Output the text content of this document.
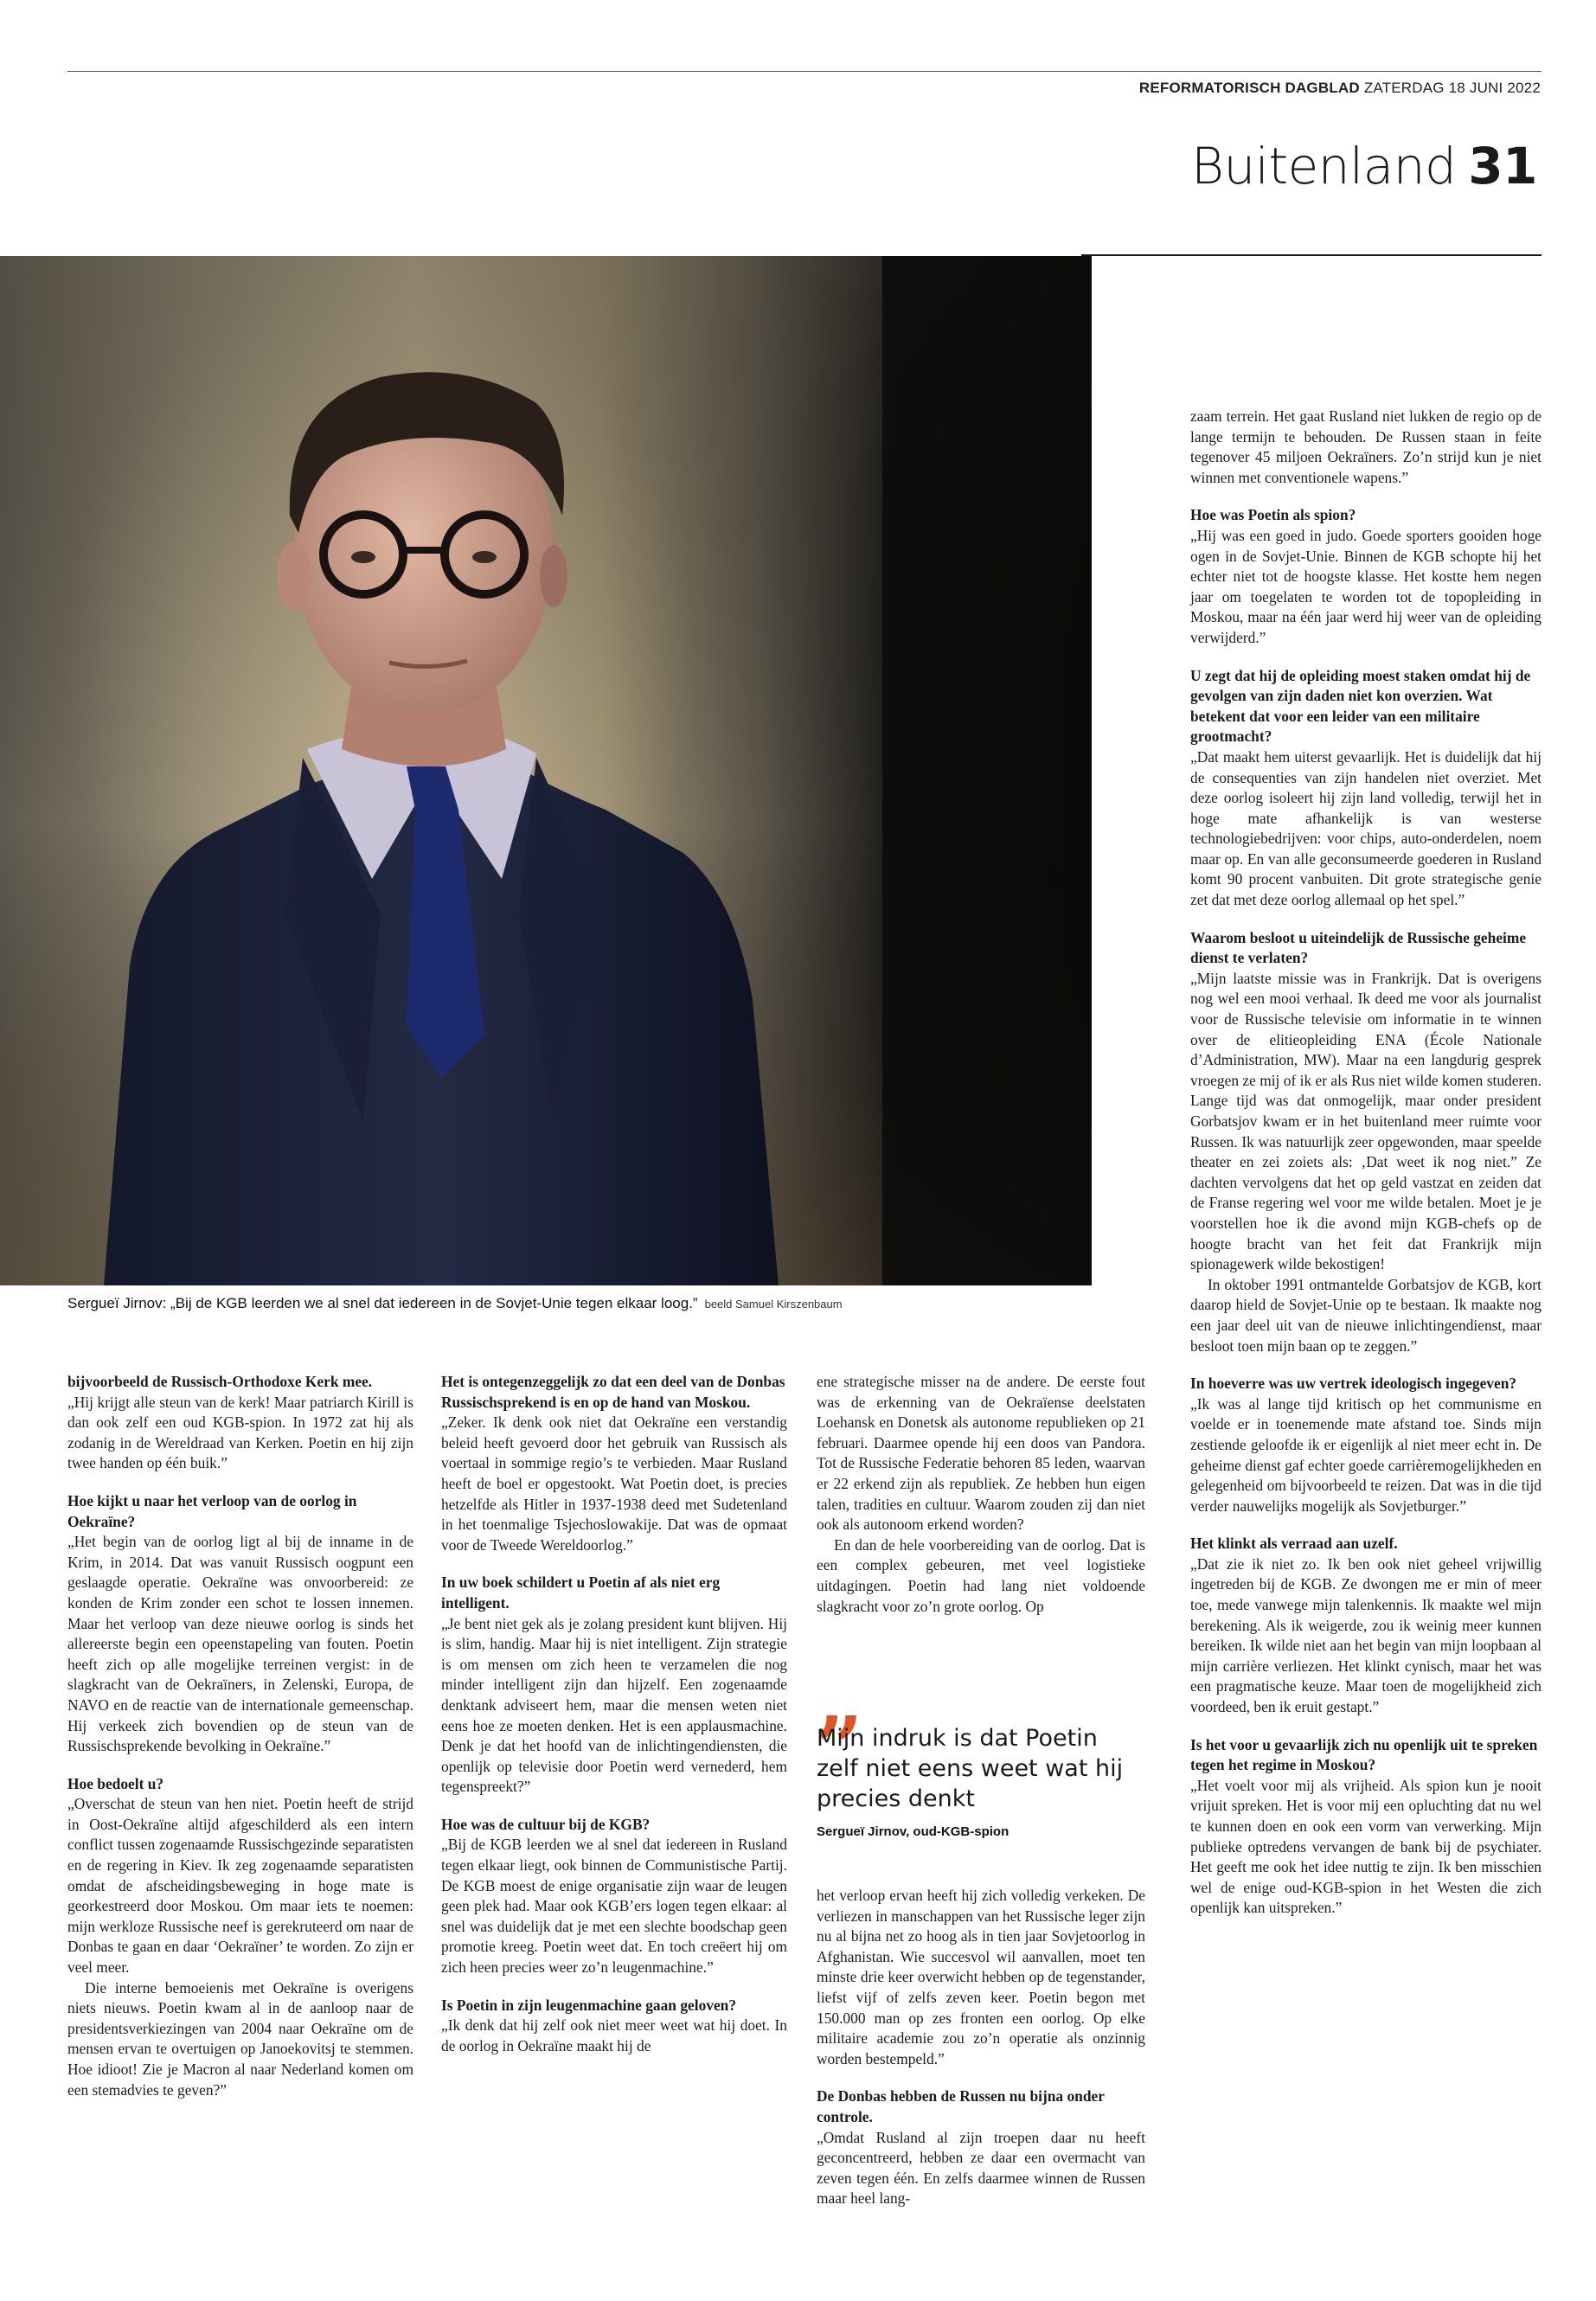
REFORMATORISCH DAGBLAD ZATERDAG 18 JUNI 2022
Buitenland 31
Sergueï Jirnov: „Bij de KGB leerden we al snel dat iedereen in de Sovjet-Unie tegen elkaar loog.” beeld Samuel Kirszenbaum
bijvoorbeeld de Russisch-Orthodoxe Kerk mee.

„Hij krijgt alle steun van de kerk! Maar patriarch Kirill is dan ook zelf een oud KGB-spion. In 1972 zat hij als zodanig in de Wereldraad van Kerken. Poetin en hij zijn twee handen op één buik.”

Hoe kijkt u naar het verloop van de oorlog in Oekraïne?

„Het begin van de oorlog ligt al bij de inname in de Krim, in 2014. Dat was vanuit Russisch oogpunt een geslaagde operatie. Oekraïne was onvoorbereid: ze konden de Krim zonder een schot te lossen innemen. Maar het verloop van deze nieuwe oorlog is sinds het allereerste begin een opeenstapeling van fouten. Poetin heeft zich op alle mogelijke terreinen vergist: in de slagkracht van de Oekraïners, in Zelenski, Europa, de NAVO en de reactie van de internationale gemeenschap. Hij verkeek zich bovendien op de steun van de Russischsprekende bevolking in Oekraïne.”

Hoe bedoelt u?

„Overschat de steun van hen niet. Poetin heeft de strijd in Oost-Oekraïne altijd afgeschilderd als een intern conflict tussen zogenaamde Russischgezinde separatisten en de regering in Kiev. Ik zeg zogenaamde separatisten omdat de afscheidingsbeweging in hoge mate is georkestreerd door Moskou. Om maar iets te noemen: mijn werkloze Russische neef is gerekruteerd om naar de Donbas te gaan en daar ‘Oekraïner’ te worden. Zo zijn er veel meer.

Die interne bemoeienis met Oekraïne is overigens niets nieuws. Poetin kwam al in de aanloop naar de presidentsverkiezingen van 2004 naar Oekraïne om de mensen ervan te overtuigen op Janoekovitsj te stemmen. Hoe idioot! Zie je Macron al naar Nederland komen om een stemadvies te geven?”

Het is ontegenzeggelijk zo dat een deel van de Donbas Russischsprekend is en op de hand van Moskou.

„Zeker. Ik denk ook niet dat Oekraïne een verstandig beleid heeft gevoerd door het gebruik van Russisch als voertaal in sommige regio’s te verbieden. Maar Rusland heeft de boel er opgestookt. Wat Poetin doet, is precies hetzelfde als Hitler in 1937-1938 deed met Sudetenland in het toenmalige Tsjechoslowakije. Dat was de opmaat voor de Tweede Wereldoorlog.”

In uw boek schildert u Poetin af als niet erg intelligent.

„Je bent niet gek als je zolang president kunt blijven. Hij is slim, handig. Maar hij is niet intelligent. Zijn strategie is om mensen om zich heen te verzamelen die nog minder intelligent zijn dan hijzelf. Een zogenaamde denktank adviseert hem, maar die mensen weten niet eens hoe ze moeten denken. Het is een applausmachine. Denk je dat het hoofd van de inlichtingendiensten, die openlijk op televisie door Poetin werd vernederd, hem tegenspreekt?”

Hoe was de cultuur bij de KGB?

„Bij de KGB leerden we al snel dat iedereen in Rusland tegen elkaar liegt, ook binnen de Communistische Partij. De KGB moest de enige organisatie zijn waar de leugen geen plek had. Maar ook KGB’ers logen tegen elkaar: al snel was duidelijk dat je met een slechte boodschap geen promotie kreeg. Poetin weet dat. En toch creëert hij om zich heen precies weer zo’n leugenmachine.”

Is Poetin in zijn leugenmachine gaan geloven?

„Ik denk dat hij zelf ook niet meer weet wat hij doet. In de oorlog in Oekraïne maakt hij de

ene strategische misser na de andere. De eerste fout was de erkenning van de Oekraïense deelstaten Loehansk en Donetsk als autonome republieken op 21 februari. Daarmee opende hij een doos van Pandora. Tot de Russische Federatie behoren 85 leden, waarvan er 22 erkend zijn als republiek. Ze hebben hun eigen talen, tradities en cultuur. Waarom zouden zij dan niet ook als autonoom erkend worden?

En dan de hele voorbereiding van de oorlog. Dat is een complex gebeuren, met veel logistieke uitdagingen. Poetin had lang niet voldoende slagkracht voor zo’n grote oorlog. Op

„
Mijn indruk is dat Poetin zelf niet eens weet wat hij precies denkt
Sergueï Jirnov, oud-KGB-spion

het verloop ervan heeft hij zich volledig verkeken. De verliezen in manschappen van het Russische leger zijn nu al bijna net zo hoog als in tien jaar Sovjetoorlog in Afghanistan. Wie succesvol wil aanvallen, moet ten minste drie keer overwicht hebben op de tegenstander, liefst vijf of zelfs zeven keer. Poetin begon met 150.000 man op zes fronten een oorlog. Op elke militaire academie zou zo’n operatie als onzinnig worden bestempeld.”

De Donbas hebben de Russen nu bijna onder controle.

„Omdat Rusland al zijn troepen daar nu heeft geconcentreerd, hebben ze daar een overmacht van zeven tegen één. En zelfs daarmee winnen de Russen maar heel lang-

zaam terrein. Het gaat Rusland niet lukken de regio op de lange termijn te behouden. De Russen staan in feite tegenover 45 miljoen Oekraïners. Zo’n strijd kun je niet winnen met conventionele wapens.”

Hoe was Poetin als spion?

„Hij was een goed in judo. Goede sporters gooiden hoge ogen in de Sovjet-Unie. Binnen de KGB schopte hij het echter niet tot de hoogste klasse. Het kostte hem negen jaar om toegelaten te worden tot de topopleiding in Moskou, maar na één jaar werd hij weer van de opleiding verwijderd.”

U zegt dat hij de opleiding moest staken omdat hij de gevolgen van zijn daden niet kon overzien. Wat betekent dat voor een leider van een militaire grootmacht?

„Dat maakt hem uiterst gevaarlijk. Het is duidelijk dat hij de consequenties van zijn handelen niet overziet. Met deze oorlog isoleert hij zijn land volledig, terwijl het in hoge mate afhankelijk is van westerse technologiebedrijven: voor chips, auto-onderdelen, noem maar op. En van alle geconsumeerde goederen in Rusland komt 90 procent vanbuiten. Dit grote strategische genie zet dat met deze oorlog allemaal op het spel.”

Waarom besloot u uiteindelijk de Russische geheime dienst te verlaten?

„Mijn laatste missie was in Frankrijk. Dat is overigens nog wel een mooi verhaal. Ik deed me voor als journalist voor de Russische televisie om informatie in te winnen over de elitieopleiding ENA (École Nationale d’Administration, MW). Maar na een langdurig gesprek vroegen ze mij of ik er als Rus niet wilde komen studeren. Lange tijd was dat onmogelijk, maar onder president Gorbatsjov kwam er in het buitenland meer ruimte voor Russen. Ik was natuurlijk zeer opgewonden, maar speelde theater en zei zoiets als: ‚Dat weet ik nog niet.” Ze dachten vervolgens dat het op geld vastzat en zeiden dat de Franse regering wel voor me wilde betalen. Moet je je voorstellen hoe ik die avond mijn KGB-chefs op de hoogte bracht van het feit dat Frankrijk mijn spionagewerk wilde bekostigen!

In oktober 1991 ontmantelde Gorbatsjov de KGB, kort daarop hield de Sovjet-Unie op te bestaan. Ik maakte nog een jaar deel uit van de nieuwe inlichtingendienst, maar besloot toen mijn baan op te zeggen.”

In hoeverre was uw vertrek ideologisch ingegeven?

„Ik was al lange tijd kritisch op het communisme en voelde er in toenemende mate afstand toe. Sinds mijn zestiende geloofde ik er eigenlijk al niet meer echt in. De geheime dienst gaf echter goede carrièremogelijkheden en gelegenheid om bijvoorbeeld te reizen. Dat was in die tijd verder nauwelijks mogelijk als Sovjetburger.”

Het klinkt als verraad aan uzelf.

„Dat zie ik niet zo. Ik ben ook niet geheel vrijwillig ingetreden bij de KGB. Ze dwongen me er min of meer toe, mede vanwege mijn talenkennis. Ik maakte wel mijn berekening. Als ik weigerde, zou ik weinig meer kunnen bereiken. Ik wilde niet aan het begin van mijn loopbaan al mijn carrière verliezen. Het klinkt cynisch, maar het was een pragmatische keuze. Maar toen de mogelijkheid zich voordeed, ben ik eruit gestapt.”

Is het voor u gevaarlijk zich nu openlijk uit te spreken tegen het regime in Moskou?

„Het voelt voor mij als vrijheid. Als spion kun je nooit vrijuit spreken. Het is voor mij een opluchting dat nu wel te kunnen doen en ook een vorm van verwerking. Mijn publieke optredens vervangen de bank bij de psychiater. Het geeft me ook het idee nuttig te zijn. Ik ben misschien wel de enige oud-KGB-spion in het Westen die zich openlijk kan uitspreken.”
